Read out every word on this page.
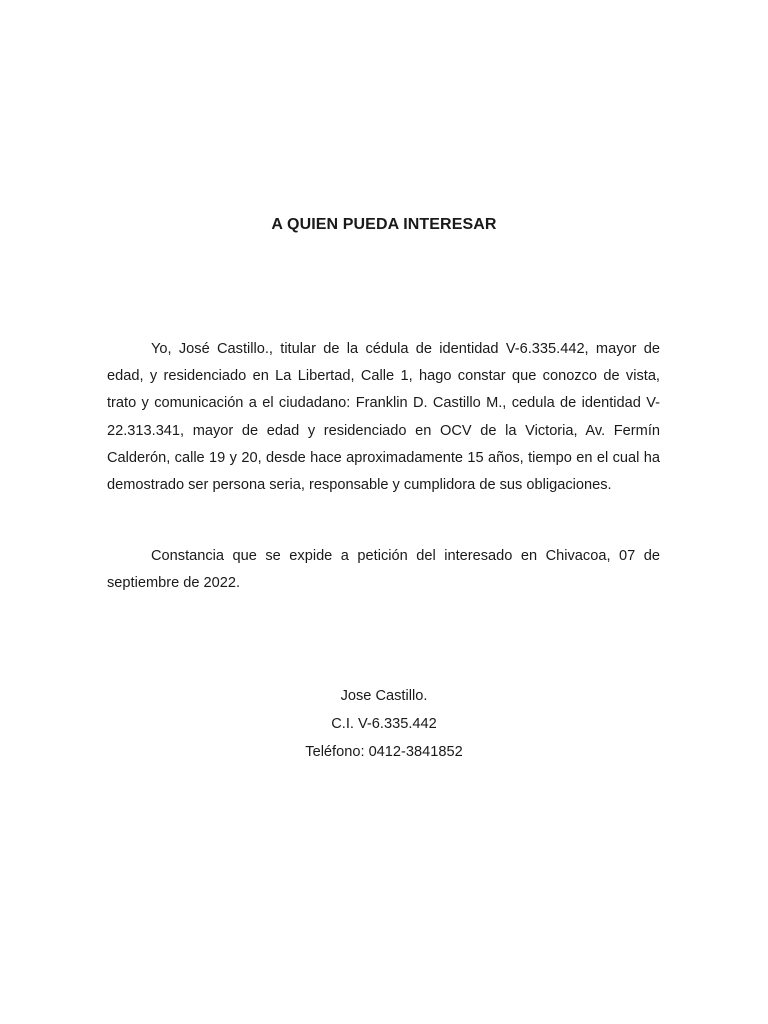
A QUIEN PUEDA INTERESAR

Yo, José Castillo., titular de la cédula de identidad V-6.335.442, mayor de edad, y residenciado en La Libertad, Calle 1, hago constar que conozco de vista, trato y comunicación a el ciudadano: Franklin D. Castillo M., cedula de identidad V-22.313.341, mayor de edad y residenciado en OCV de la Victoria, Av. Fermín Calderón, calle 19 y 20, desde hace aproximadamente 15 años, tiempo en el cual ha demostrado ser persona seria, responsable y cumplidora de sus obligaciones.

Constancia que se expide a petición del interesado en Chivacoa, 07 de septiembre de 2022.

Jose Castillo.
C.I. V-6.335.442
Teléfono: 0412-3841852
